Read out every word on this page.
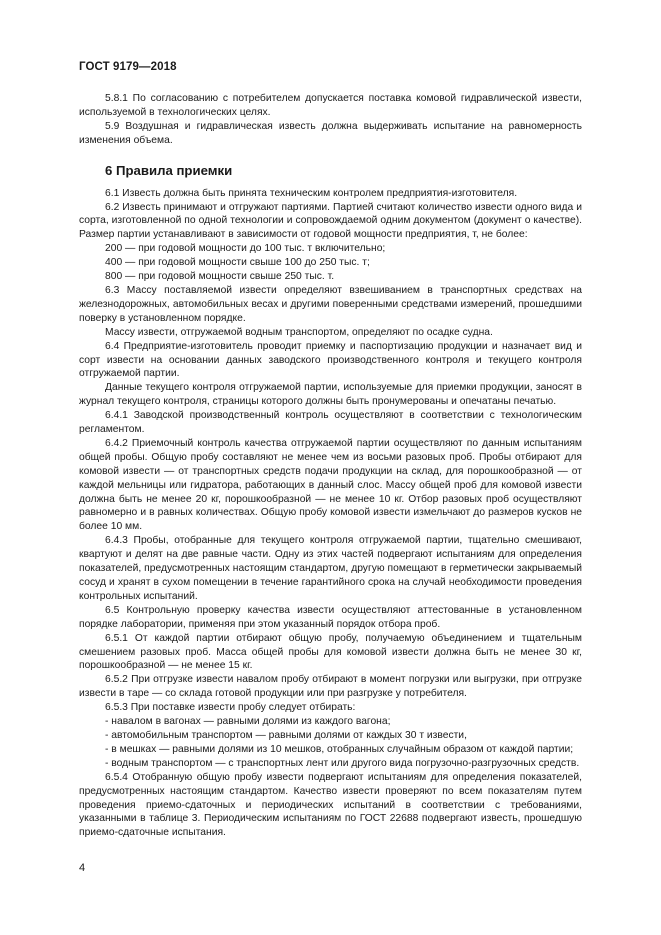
ГОСТ 9179—2018

5.8.1 По согласованию с потребителем допускается поставка комовой гидравлической извести, используемой в технологических целях.

5.9 Воздушная и гидравлическая известь должна выдерживать испытание на равномерность изменения объема.

6 Правила приемки

6.1 Известь должна быть принята техническим контролем предприятия-изготовителя.

6.2 Известь принимают и отгружают партиями. Партией считают количество извести одного вида и сорта, изготовленной по одной технологии и сопровождаемой одним документом (документ о качестве). Размер партии устанавливают в зависимости от годовой мощности предприятия, т, не более:

200 — при годовой мощности до 100 тыс. т включительно;

400 — при годовой мощности свыше 100 до 250 тыс. т;

800 — при годовой мощности свыше 250 тыс. т.

6.3 Массу поставляемой извести определяют взвешиванием в транспортных средствах на железнодорожных, автомобильных весах и другими поверенными средствами измерений, прошедшими поверку в установленном порядке.

Массу извести, отгружаемой водным транспортом, определяют по осадке судна.

6.4 Предприятие-изготовитель проводит приемку и паспортизацию продукции и назначает вид и сорт извести на основании данных заводского производственного контроля и текущего контроля отгружаемой партии.

Данные текущего контроля отгружаемой партии, используемые для приемки продукции, заносят в журнал текущего контроля, страницы которого должны быть пронумерованы и опечатаны печатью.

6.4.1 Заводской производственный контроль осуществляют в соответствии с технологическим регламентом.

6.4.2 Приемочный контроль качества отгружаемой партии осуществляют по данным испытаниям общей пробы. Общую пробу составляют не менее чем из восьми разовых проб. Пробы отбирают для комовой извести — от транспортных средств подачи продукции на склад, для порошкообразной — от каждой мельницы или гидратора, работающих в данный слос. Массу общей проб для комовой извести должна быть не менее 20 кг, порошкообразной — не менее 10 кг. Отбор разовых проб осуществляют равномерно и в равных количествах. Общую пробу комовой извести измельчают до размеров кусков не более 10 мм.

6.4.3 Пробы, отобранные для текущего контроля отгружаемой партии, тщательно смешивают, квартуют и делят на две равные части. Одну из этих частей подвергают испытаниям для определения показателей, предусмотренных настоящим стандартом, другую помещают в герметически закрываемый сосуд и хранят в сухом помещении в течение гарантийного срока на случай необходимости проведения контрольных испытаний.

6.5 Контрольную проверку качества извести осуществляют аттестованные в установленном порядке лаборатории, применяя при этом указанный порядок отбора проб.

6.5.1 От каждой партии отбирают общую пробу, получаемую объединением и тщательным смешением разовых проб. Масса общей пробы для комовой извести должна быть не менее 30 кг, порошкообразной — не менее 15 кг.

6.5.2 При отгрузке извести навалом пробу отбирают в момент погрузки или выгрузки, при отгрузке извести в таре — со склада готовой продукции или при разгрузке у потребителя.

6.5.3 При поставке извести пробу следует отбирать:

- навалом в вагонах — равными долями из каждого вагона;

- автомобильным транспортом — равными долями от каждых 30 т извести,

- в мешках — равными долями из 10 мешков, отобранных случайным образом от каждой партии;

- водным транспортом — с транспортных лент или другого вида погрузочно-разгрузочных средств.

6.5.4 Отобранную общую пробу извести подвергают испытаниям для определения показателей, предусмотренных настоящим стандартом. Качество извести проверяют по всем показателям путем проведения приемо-сдаточных и периодических испытаний в соответствии с требованиями, указанными в таблице 3. Периодическим испытаниям по ГОСТ 22688 подвергают известь, прошедшую приемо-сдаточные испытания.

4
